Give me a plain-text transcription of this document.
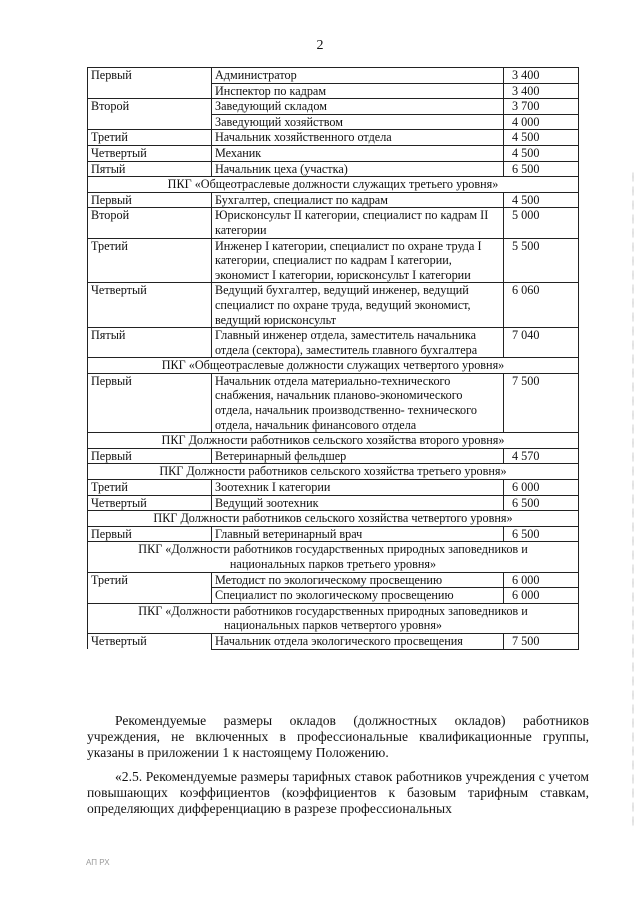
2
Первый	Администратор	3 400
	Инспектор по кадрам	3 400
Второй	Заведующий складом	3 700
	Заведующий хозяйством	4 000
Третий	Начальник хозяйственного отдела	4 500
Четвертый	Механик	4 500
Пятый	Начальник цеха (участка)	6 500
ПКГ «Общеотраслевые должности служащих третьего уровня»		
Первый	Бухгалтер, специалист по кадрам	4 500
Второй	Юрисконсульт II категории, специалист по кадрам II категории	5 000
Третий	Инженер I категории, специалист по охране труда I категории, специалист по кадрам I категории, экономист I категории, юрисконсульт I категории	5 500
Четвертый	Ведущий бухгалтер, ведущий инженер, ведущий специалист по охране труда, ведущий экономист, ведущий юрисконсульт	6 060
Пятый	Главный инженер отдела, заместитель начальника отдела (сектора), заместитель главного бухгалтера	7 040
ПКГ «Общеотраслевые должности служащих четвертого уровня»		
Первый	Начальник отдела материально-технического снабжения, начальник планово-экономического отдела, начальник производственно- технического отдела, начальник финансового отдела	7 500
ПКГ Должности работников сельского хозяйства второго уровня»		
Первый	Ветеринарный фельдшер	4 570
ПКГ Должности работников сельского хозяйства третьего уровня»		
Третий	Зоотехник I категории	6 000
Четвертый	Ведущий зоотехник	6 500
ПКГ Должности работников сельского хозяйства четвертого уровня»		
Первый	Главный ветеринарный врач	6 500
ПКГ «Должности работников государственных природных заповедников и национальных парков третьего уровня»		
Третий	Методист по экологическому просвещению	6 000
	Специалист по экологическому просвещению	6 000
ПКГ «Должности работников государственных природных заповедников и национальных парков четвертого уровня»		
Четвертый	Начальник отдела экологического просвещения	7 500

Рекомендуемые размеры окладов (должностных окладов) работников учреждения, не включенных в профессиональные квалификационные группы, указаны в приложении 1 к настоящему Положению.

«2.5. Рекомендуемые размеры тарифных ставок работников учреждения с учетом повышающих коэффициентов (коэффициентов к базовым тарифным ставкам, определяющих дифференциацию в разрезе профессиональных

АП РХ
